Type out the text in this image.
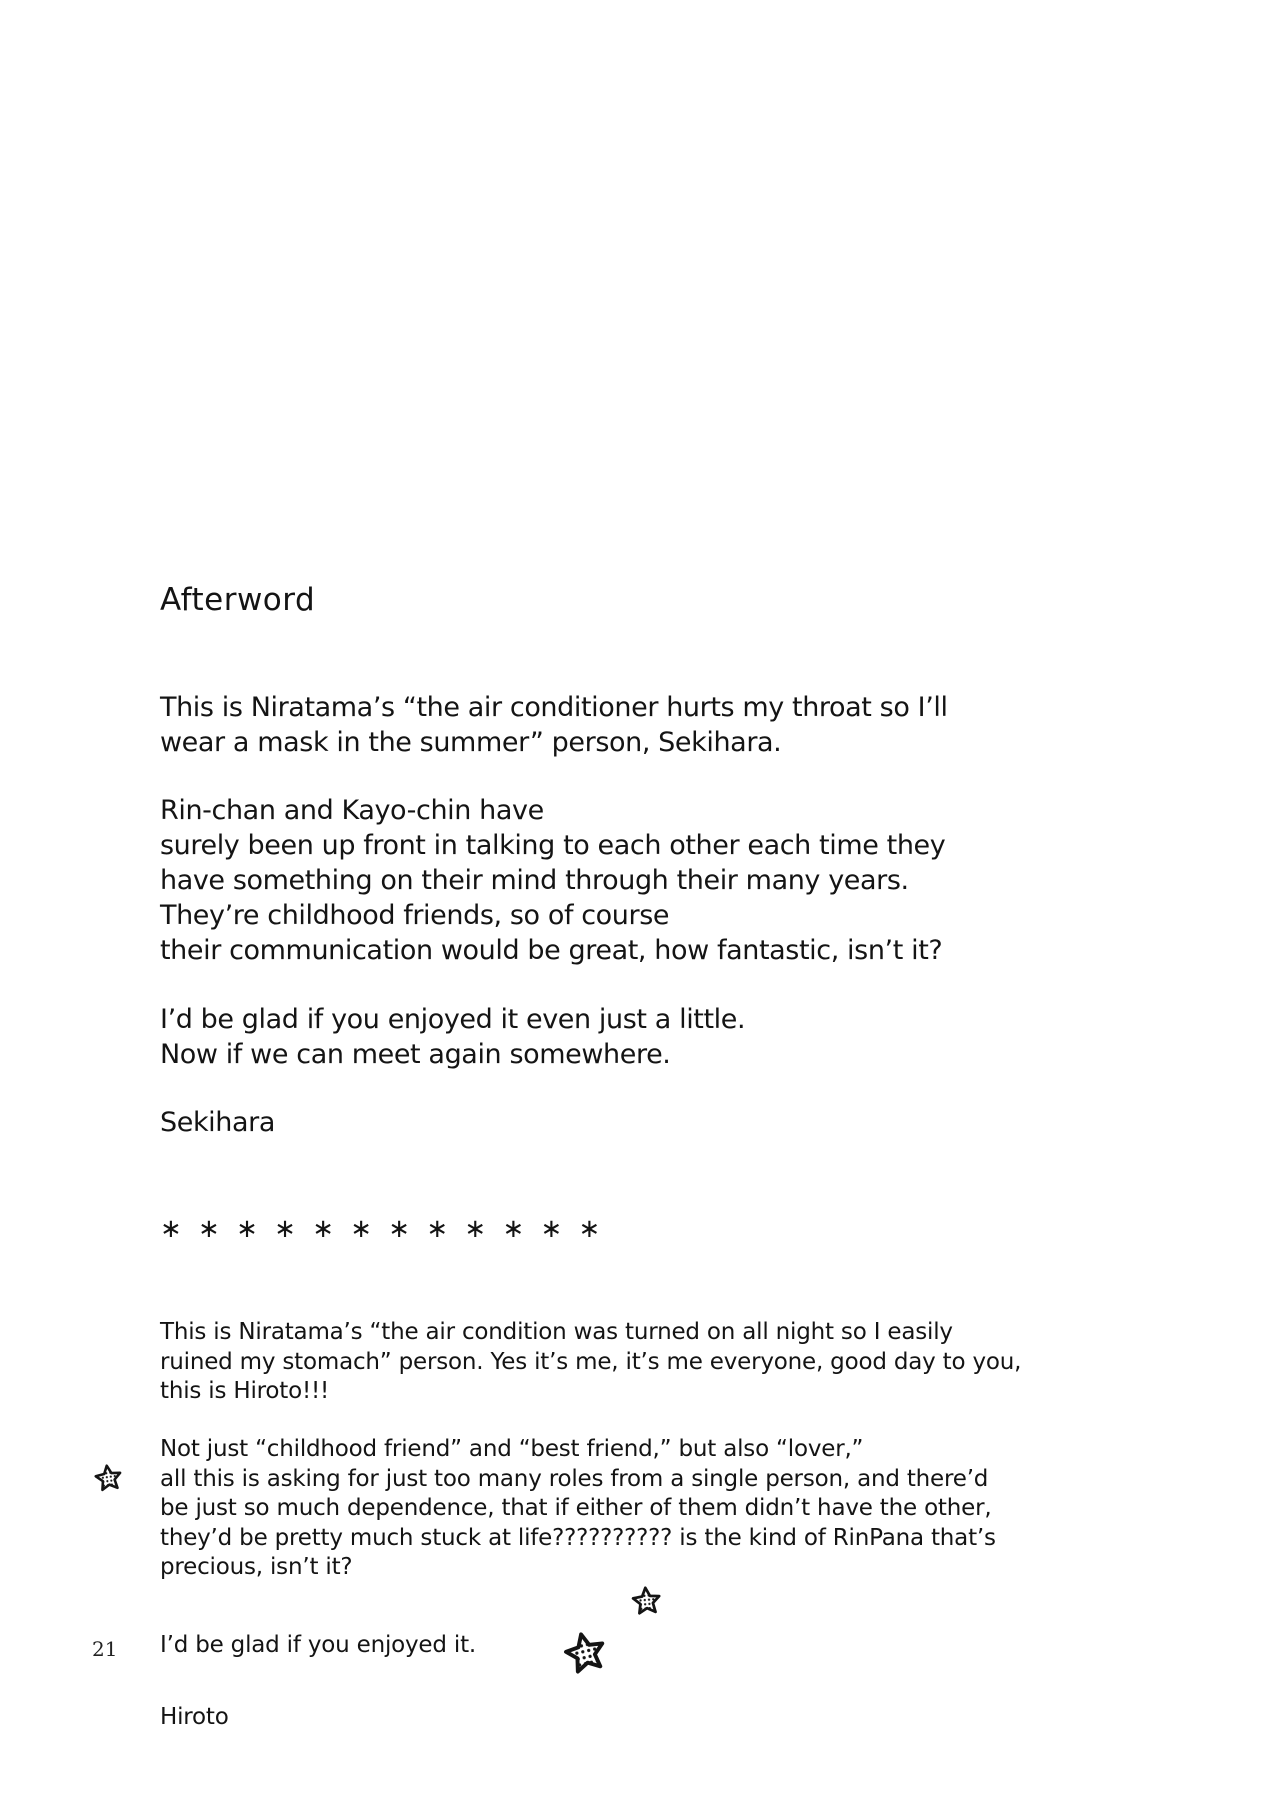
Afterword
This is Niratama’s “the air conditioner hurts my throat so I’ll
wear a mask in the summer” person, Sekihara.
Rin-chan and Kayo-chin have
surely been up front in talking to each other each time they
have something on their mind through their many years.
They’re childhood friends, so of course
their communication would be great, how fantastic, isn’t it?
I’d be glad if you enjoyed it even just a little.
Now if we can meet again somewhere.
Sekihara
∗ ∗ ∗ ∗ ∗ ∗ ∗ ∗ ∗ ∗ ∗ ∗
This is Niratama’s “the air condition was turned on all night so I easily
ruined my stomach” person. Yes it’s me, it’s me everyone, good day to you,
this is Hiroto!!!
Not just “childhood friend” and “best friend,” but also “lover,”
all this is asking for just too many roles from a single person, and there’d
be just so much dependence, that if either of them didn’t have the other,
they’d be pretty much stuck at life?????????? is the kind of RinPana that’s
precious, isn’t it?
I’d be glad if you enjoyed it.
Hiroto
21
